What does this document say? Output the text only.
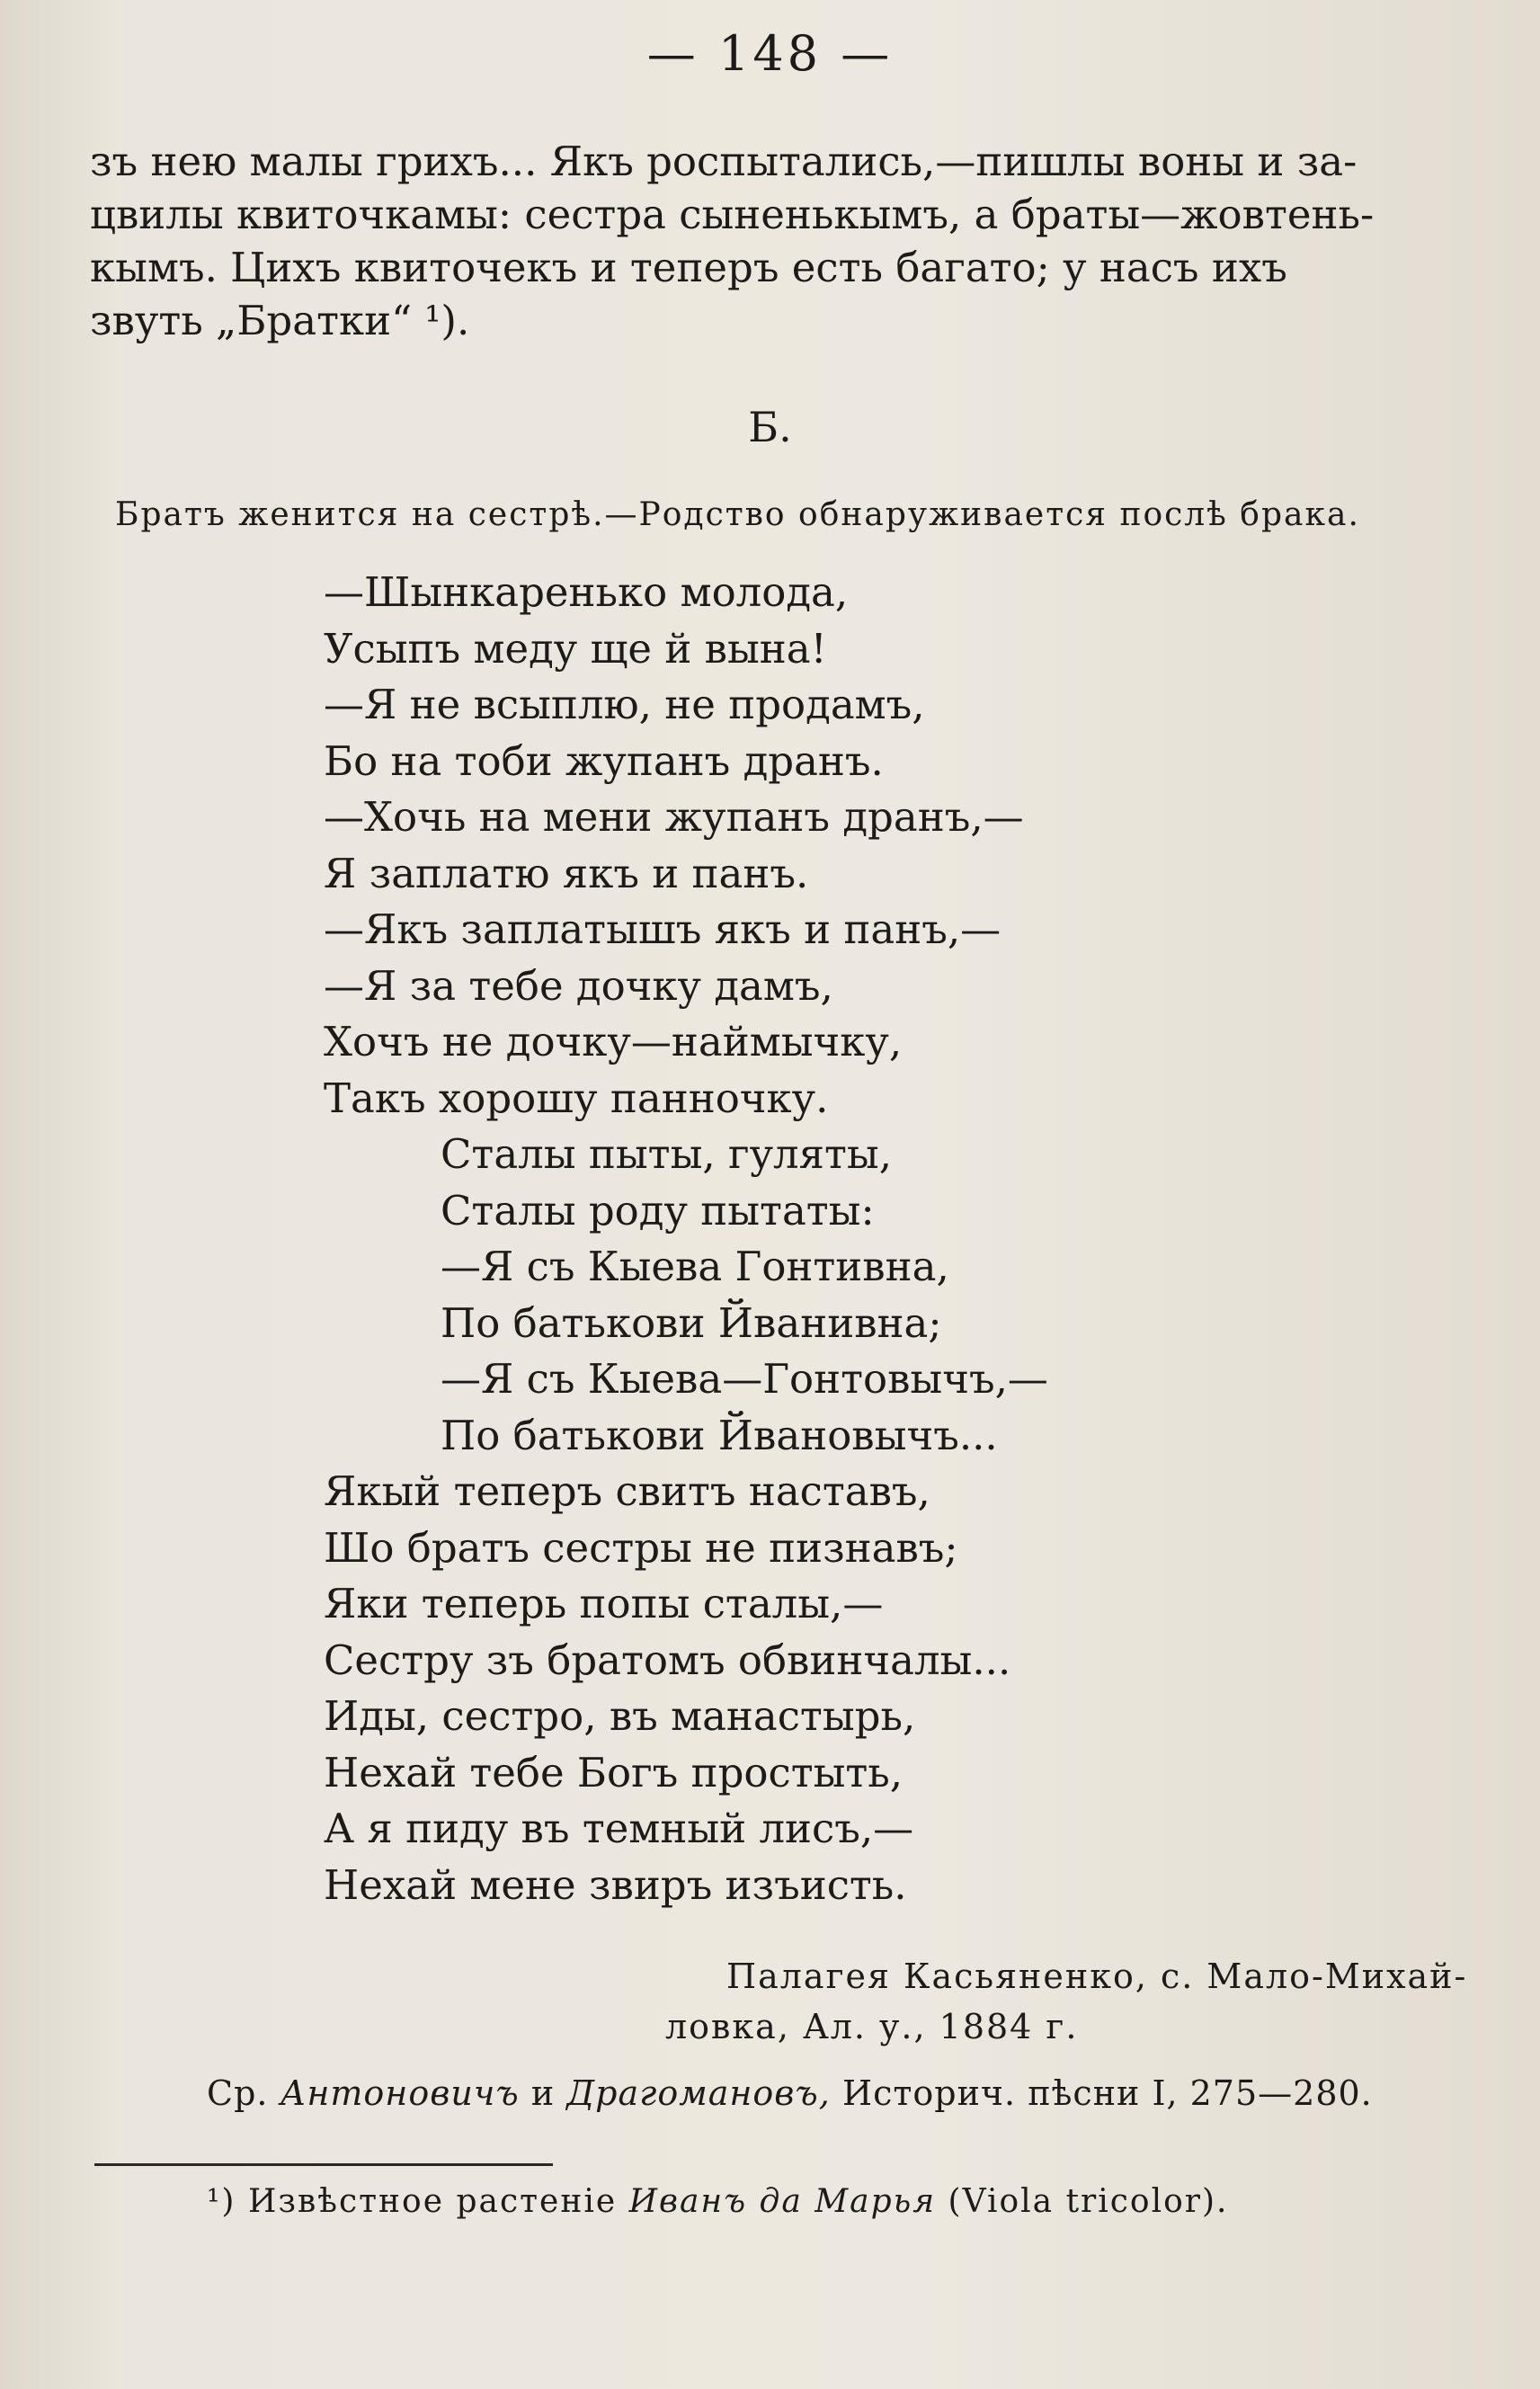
— 148 —
зъ нею малы грихъ... Якъ роспытались,—пишлы воны и за-
цвилы квиточкамы: сестра сыненькымъ, а браты—жовтень-
кымъ. Цихъ квиточекъ и теперъ есть багато; у насъ ихъ
звуть „Братки“ ¹).
Б.
Братъ женится на сестрѣ.—Родство обнаруживается послѣ брака.
—Шынкаренько молода,
Усыпъ меду ще й вына!
—Я не всыплю, не продамъ,
Бо на тоби жупанъ дранъ.
—Хочь на мени жупанъ дранъ,—
Я заплатю якъ и панъ.
—Якъ заплатышъ якъ и панъ,—
—Я за тебе дочку дамъ,
Хочъ не дочку—наймычку,
Такъ хорошу панночку.
Сталы пыты, гуляты,
Сталы роду пытаты:
—Я съ Кыева Гонтивна,
По батькови Йванивна;
—Я съ Кыева—Гонтовычъ,—
По батькови Йвановычъ...
Якый теперъ свитъ наставъ,
Шо братъ сестры не пизнавъ;
Яки теперь попы сталы,—
Сестру зъ братомъ обвинчалы...
Иды, сестро, въ манастырь,
Нехай тебе Богъ простыть,
А я пиду въ темный лисъ,—
Нехай мене звиръ изъисть.
Палагея Касьяненко, с. Мало-Михай-
ловка, Ал. у., 1884 г.
Ср. Антоновичъ и Драгомановъ, Историч. пѣсни I, 275—280.
¹) Извѣстное растеніе Иванъ да Марья (Viola tricolor).
